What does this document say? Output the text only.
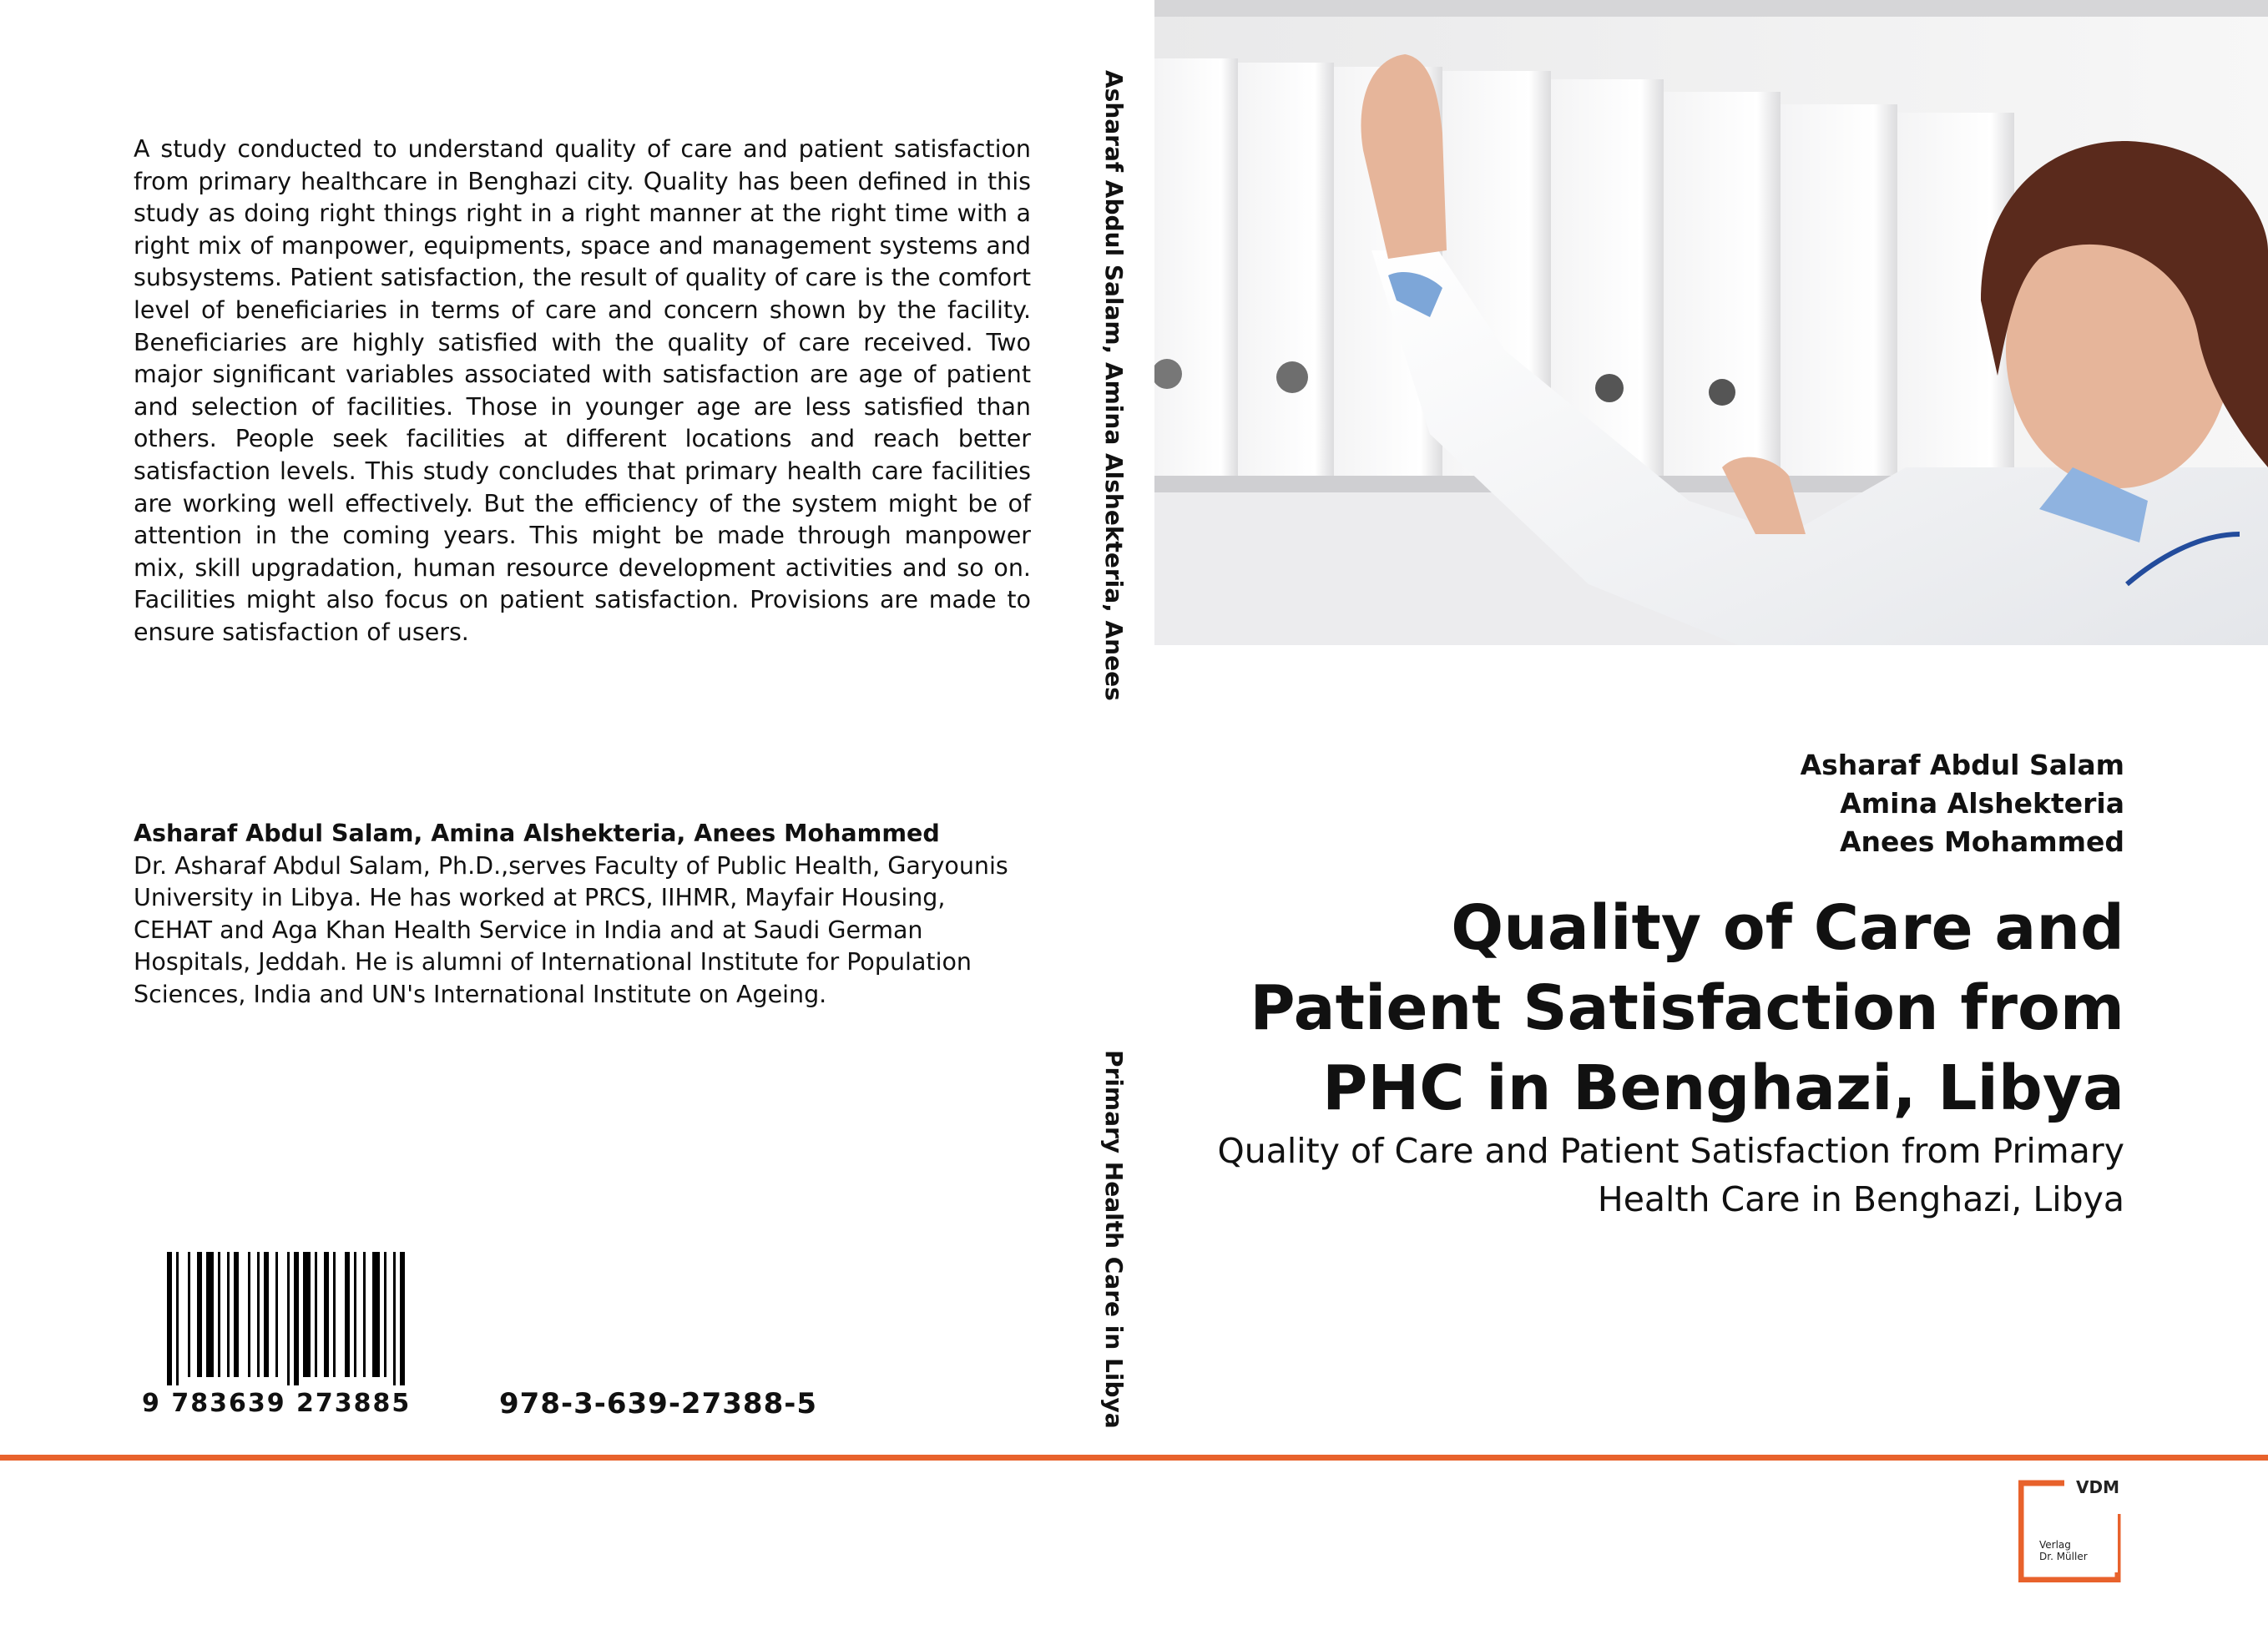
A study conducted to understand quality of care and patient satisfaction from primary healthcare in Benghazi city. Quality has been defined in this study as doing right things right in a right manner at the right time with a right mix of manpower, equipments, space and management systems and subsystems. Patient satisfaction, the result of quality of care is the comfort level of beneficiaries in terms of care and concern shown by the facility. Beneficiaries are highly satisfied with the quality of care received. Two major significant variables associated with satisfaction are age of patient and selection of facilities. Those in younger age are less satisfied than others. People seek facilities at different locations and reach better satisfaction levels. This study concludes that primary health care facilities are working well effectively. But the efficiency of the system might be of attention in the coming years. This might be made through manpower mix, skill upgradation, human resource development activities and so on. Facilities might also focus on patient satisfaction. Provisions are made to ensure satisfaction of users.
Asharaf Abdul Salam, Amina Alshekteria, Anees Mohammed
Dr. Asharaf Abdul Salam, Ph.D.,serves Faculty of Public Health, Garyounis University in Libya. He has worked at PRCS, IIHMR, Mayfair Housing, CEHAT and Aga Khan Health Service in India and at Saudi German Hospitals, Jeddah. He is alumni of International Institute for Population Sciences, India and UN's International Institute on Ageing.
9 783639 273885	978-3-639-27388-5
Asharaf Abdul Salam, Amina Alshekteria, Anees
Primary Health Care in Libya
Asharaf Abdul Salam
Amina Alshekteria
Anees Mohammed
Quality of Care and Patient Satisfaction from PHC in Benghazi, Libya
Quality of Care and Patient Satisfaction from Primary Health Care in Benghazi, Libya
VDM
Verlag
Dr. Müller
